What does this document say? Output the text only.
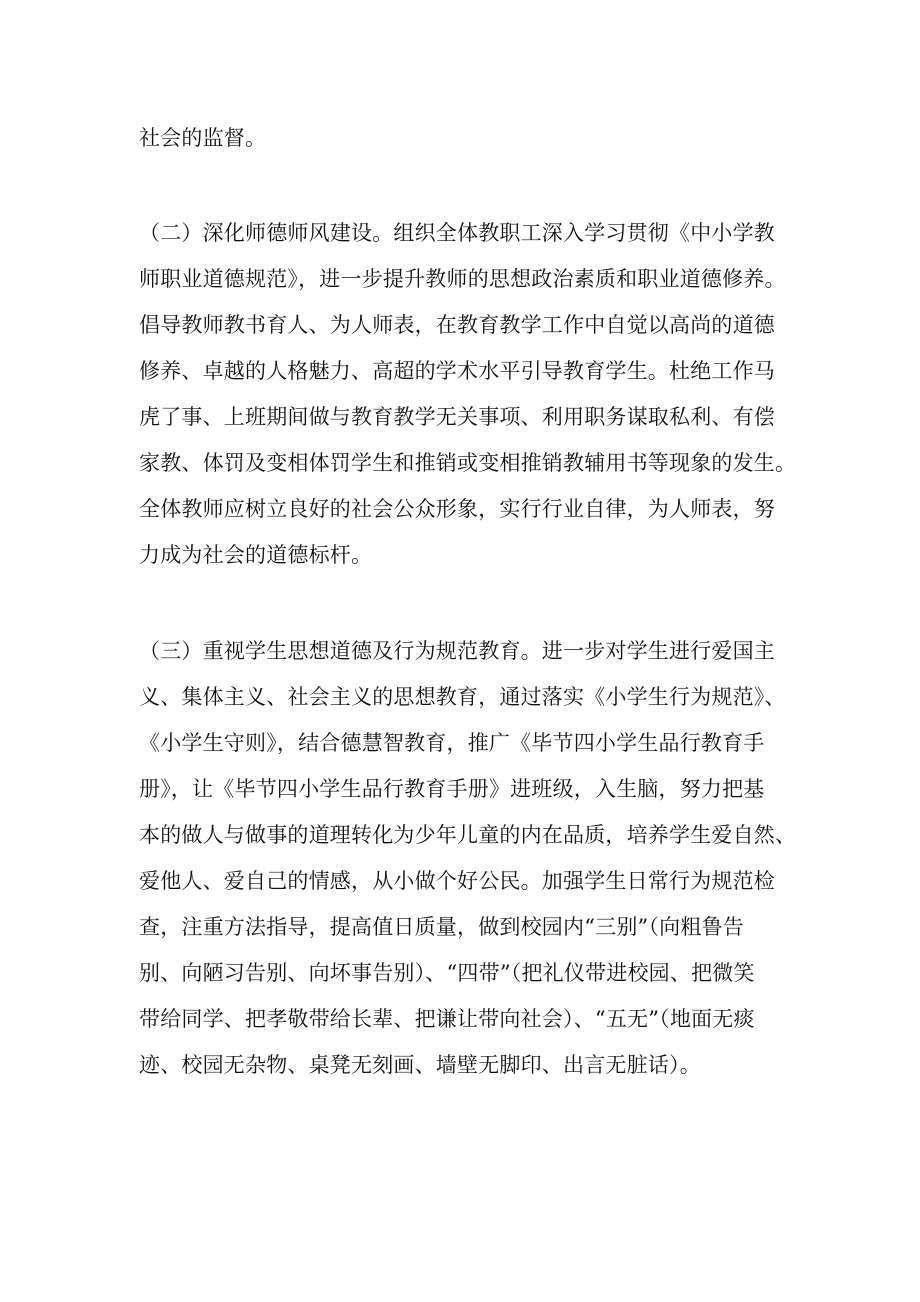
社会的监督。
（二）深化师德师风建设。组织全体教职工深入学习贯彻《中小学教
师职业道德规范》，进一步提升教师的思想政治素质和职业道德修养。
倡导教师教书育人、为人师表，在教育教学工作中自觉以高尚的道德
修养、卓越的人格魅力、高超的学术水平引导教育学生。杜绝工作马
虎了事、上班期间做与教育教学无关事项、利用职务谋取私利、有偿
家教、体罚及变相体罚学生和推销或变相推销教辅用书等现象的发生。
全体教师应树立良好的社会公众形象，实行行业自律，为人师表，努
力成为社会的道德标杆。
（三）重视学生思想道德及行为规范教育。进一步对学生进行爱国主
义、集体主义、社会主义的思想教育，通过落实《小学生行为规范》、
《小学生守则》，结合德慧智教育，推广《毕节四小学生品行教育手
册》，让《毕节四小学生品行教育手册》进班级，入生脑，努力把基
本的做人与做事的道理转化为少年儿童的内在品质，培养学生爱自然、
爱他人、爱自己的情感，从小做个好公民。加强学生日常行为规范检
查，注重方法指导，提高值日质量，做到校园内“三别”（向粗鲁告
别、向陋习告别、向坏事告别）、“四带”（把礼仪带进校园、把微笑
带给同学、把孝敬带给长辈、把谦让带向社会）、“五无”（地面无痰
迹、校园无杂物、桌凳无刻画、墙壁无脚印、出言无脏话）。
